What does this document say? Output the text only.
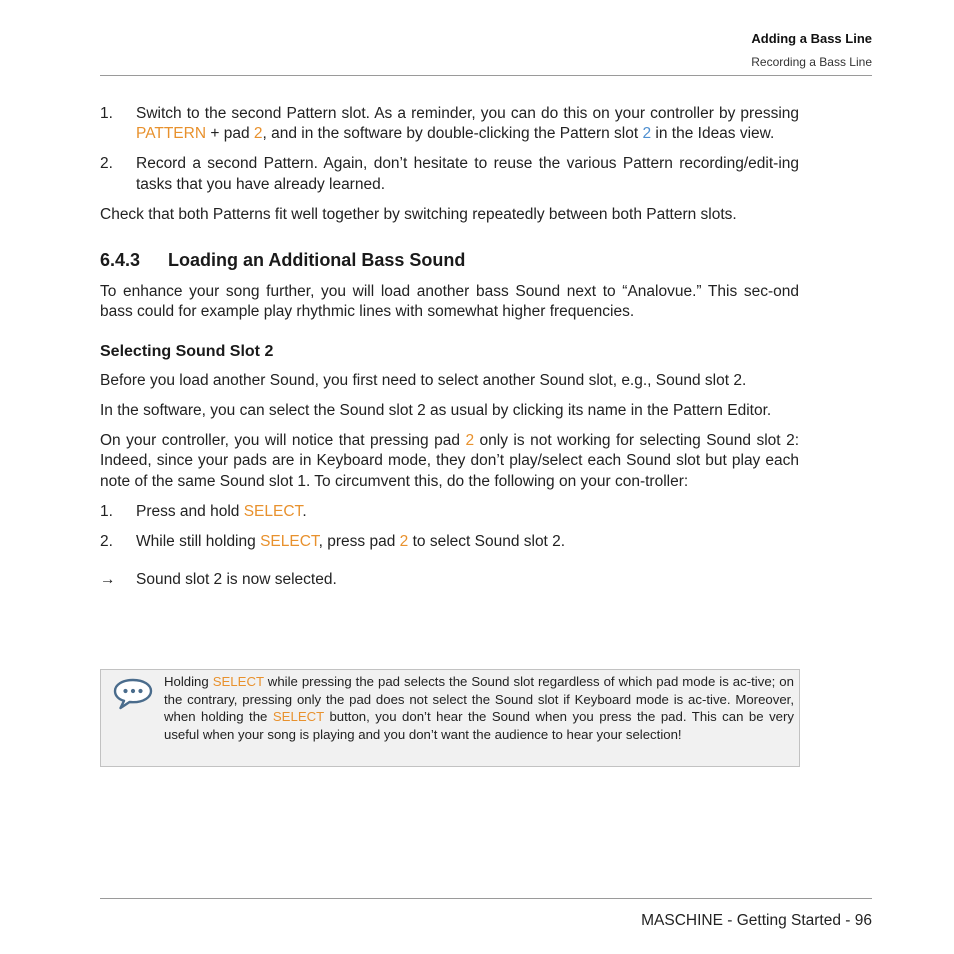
Adding a Bass Line
Recording a Bass Line
1. Switch to the second Pattern slot. As a reminder, you can do this on your controller by pressing PATTERN + pad 2, and in the software by double-clicking the Pattern slot 2 in the Ideas view.
2. Record a second Pattern. Again, don’t hesitate to reuse the various Pattern recording/edit-ing tasks that you have already learned.

Check that both Patterns fit well together by switching repeatedly between both Pattern slots.

6.4.3 Loading an Additional Bass Sound

To enhance your song further, you will load another bass Sound next to “Analovue.” This sec-ond bass could for example play rhythmic lines with somewhat higher frequencies.

Selecting Sound Slot 2

Before you load another Sound, you first need to select another Sound slot, e.g., Sound slot 2.

In the software, you can select the Sound slot 2 as usual by clicking its name in the Pattern Editor.

On your controller, you will notice that pressing pad 2 only is not working for selecting Sound slot 2: Indeed, since your pads are in Keyboard mode, they don’t play/select each Sound slot but play each note of the same Sound slot 1. To circumvent this, do the following on your con-troller:

1. Press and hold SELECT.
2. While still holding SELECT, press pad 2 to select Sound slot 2.
→ Sound slot 2 is now selected.
Holding SELECT while pressing the pad selects the Sound slot regardless of which pad mode is ac-tive; on the contrary, pressing only the pad does not select the Sound slot if Keyboard mode is ac-tive. Moreover, when holding the SELECT button, you don’t hear the Sound when you press the pad. This can be very useful when your song is playing and you don’t want the audience to hear your selection!
MASCHINE - Getting Started - 96
